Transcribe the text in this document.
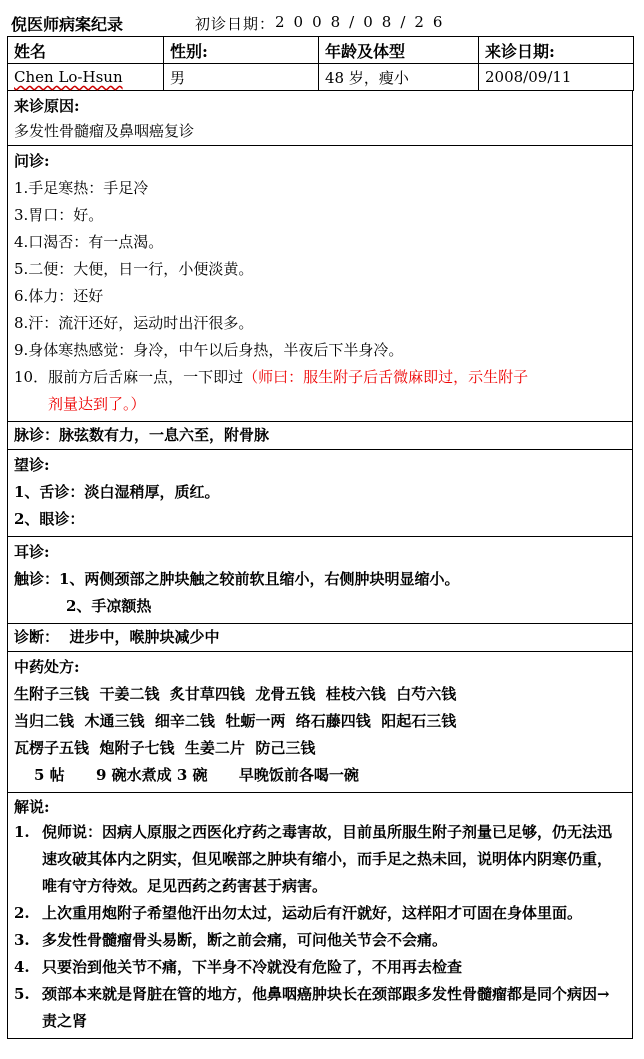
倪医师病案纪录	初诊日期： 2008/08/26
姓名	性别:	年龄及体型	来诊日期:
Chen Lo-Hsun	男	48 岁，瘦小	2008/09/11
来诊原因:
多发性骨髓瘤及鼻咽癌复诊
问诊:
1.手足寒热：手足冷
3.胃口：好。
4.口渴否：有一点渴。
5.二便：大便，日一行，小便淡黄。
6.体力：还好
8.汗：流汗还好，运动时出汗很多。
9.身体寒热感觉：身冷，中午以后身热，半夜后下半身冷。
10．服前方后舌麻一点，一下即过（师曰：服生附子后舌微麻即过，示生附子
剂量达到了。）
脉诊：脉弦数有力，一息六至，附骨脉
望诊:
1、舌诊：淡白湿稍厚，质红。
2、眼诊：
耳诊:
触诊：1、两侧颈部之肿块触之较前软且缩小，右侧肿块明显缩小。
2、手凉额热
诊断：  进步中，喉肿块减少中
中药处方:
生附子三钱  干姜二钱  炙甘草四钱  龙骨五钱  桂枝六钱  白芍六钱
当归二钱  木通三钱  细辛二钱  牡蛎一两  络石藤四钱  阳起石三钱
瓦楞子五钱  炮附子七钱  生姜二片  防己三钱
5 帖      9 碗水煮成 3 碗      早晚饭前各喝一碗
解说:
1. 倪师说：因病人原服之西医化疗药之毒害故，目前虽所服生附子剂量已足够，仍无法迅速攻破其体内之阴实，但见喉部之肿块有缩小，而手足之热未回，说明体内阴寒仍重，唯有守方待效。足见西药之药害甚于病害。
2. 上次重用炮附子希望他汗出勿太过，运动后有汗就好，这样阳才可固在身体里面。
3. 多发性骨髓瘤骨头易断，断之前会痛，可问他关节会不会痛。
4. 只要治到他关节不痛，下半身不冷就没有危险了，不用再去检查
5. 颈部本来就是肾脏在管的地方，他鼻咽癌肿块长在颈部跟多发性骨髓瘤都是同个病因→责之肾
